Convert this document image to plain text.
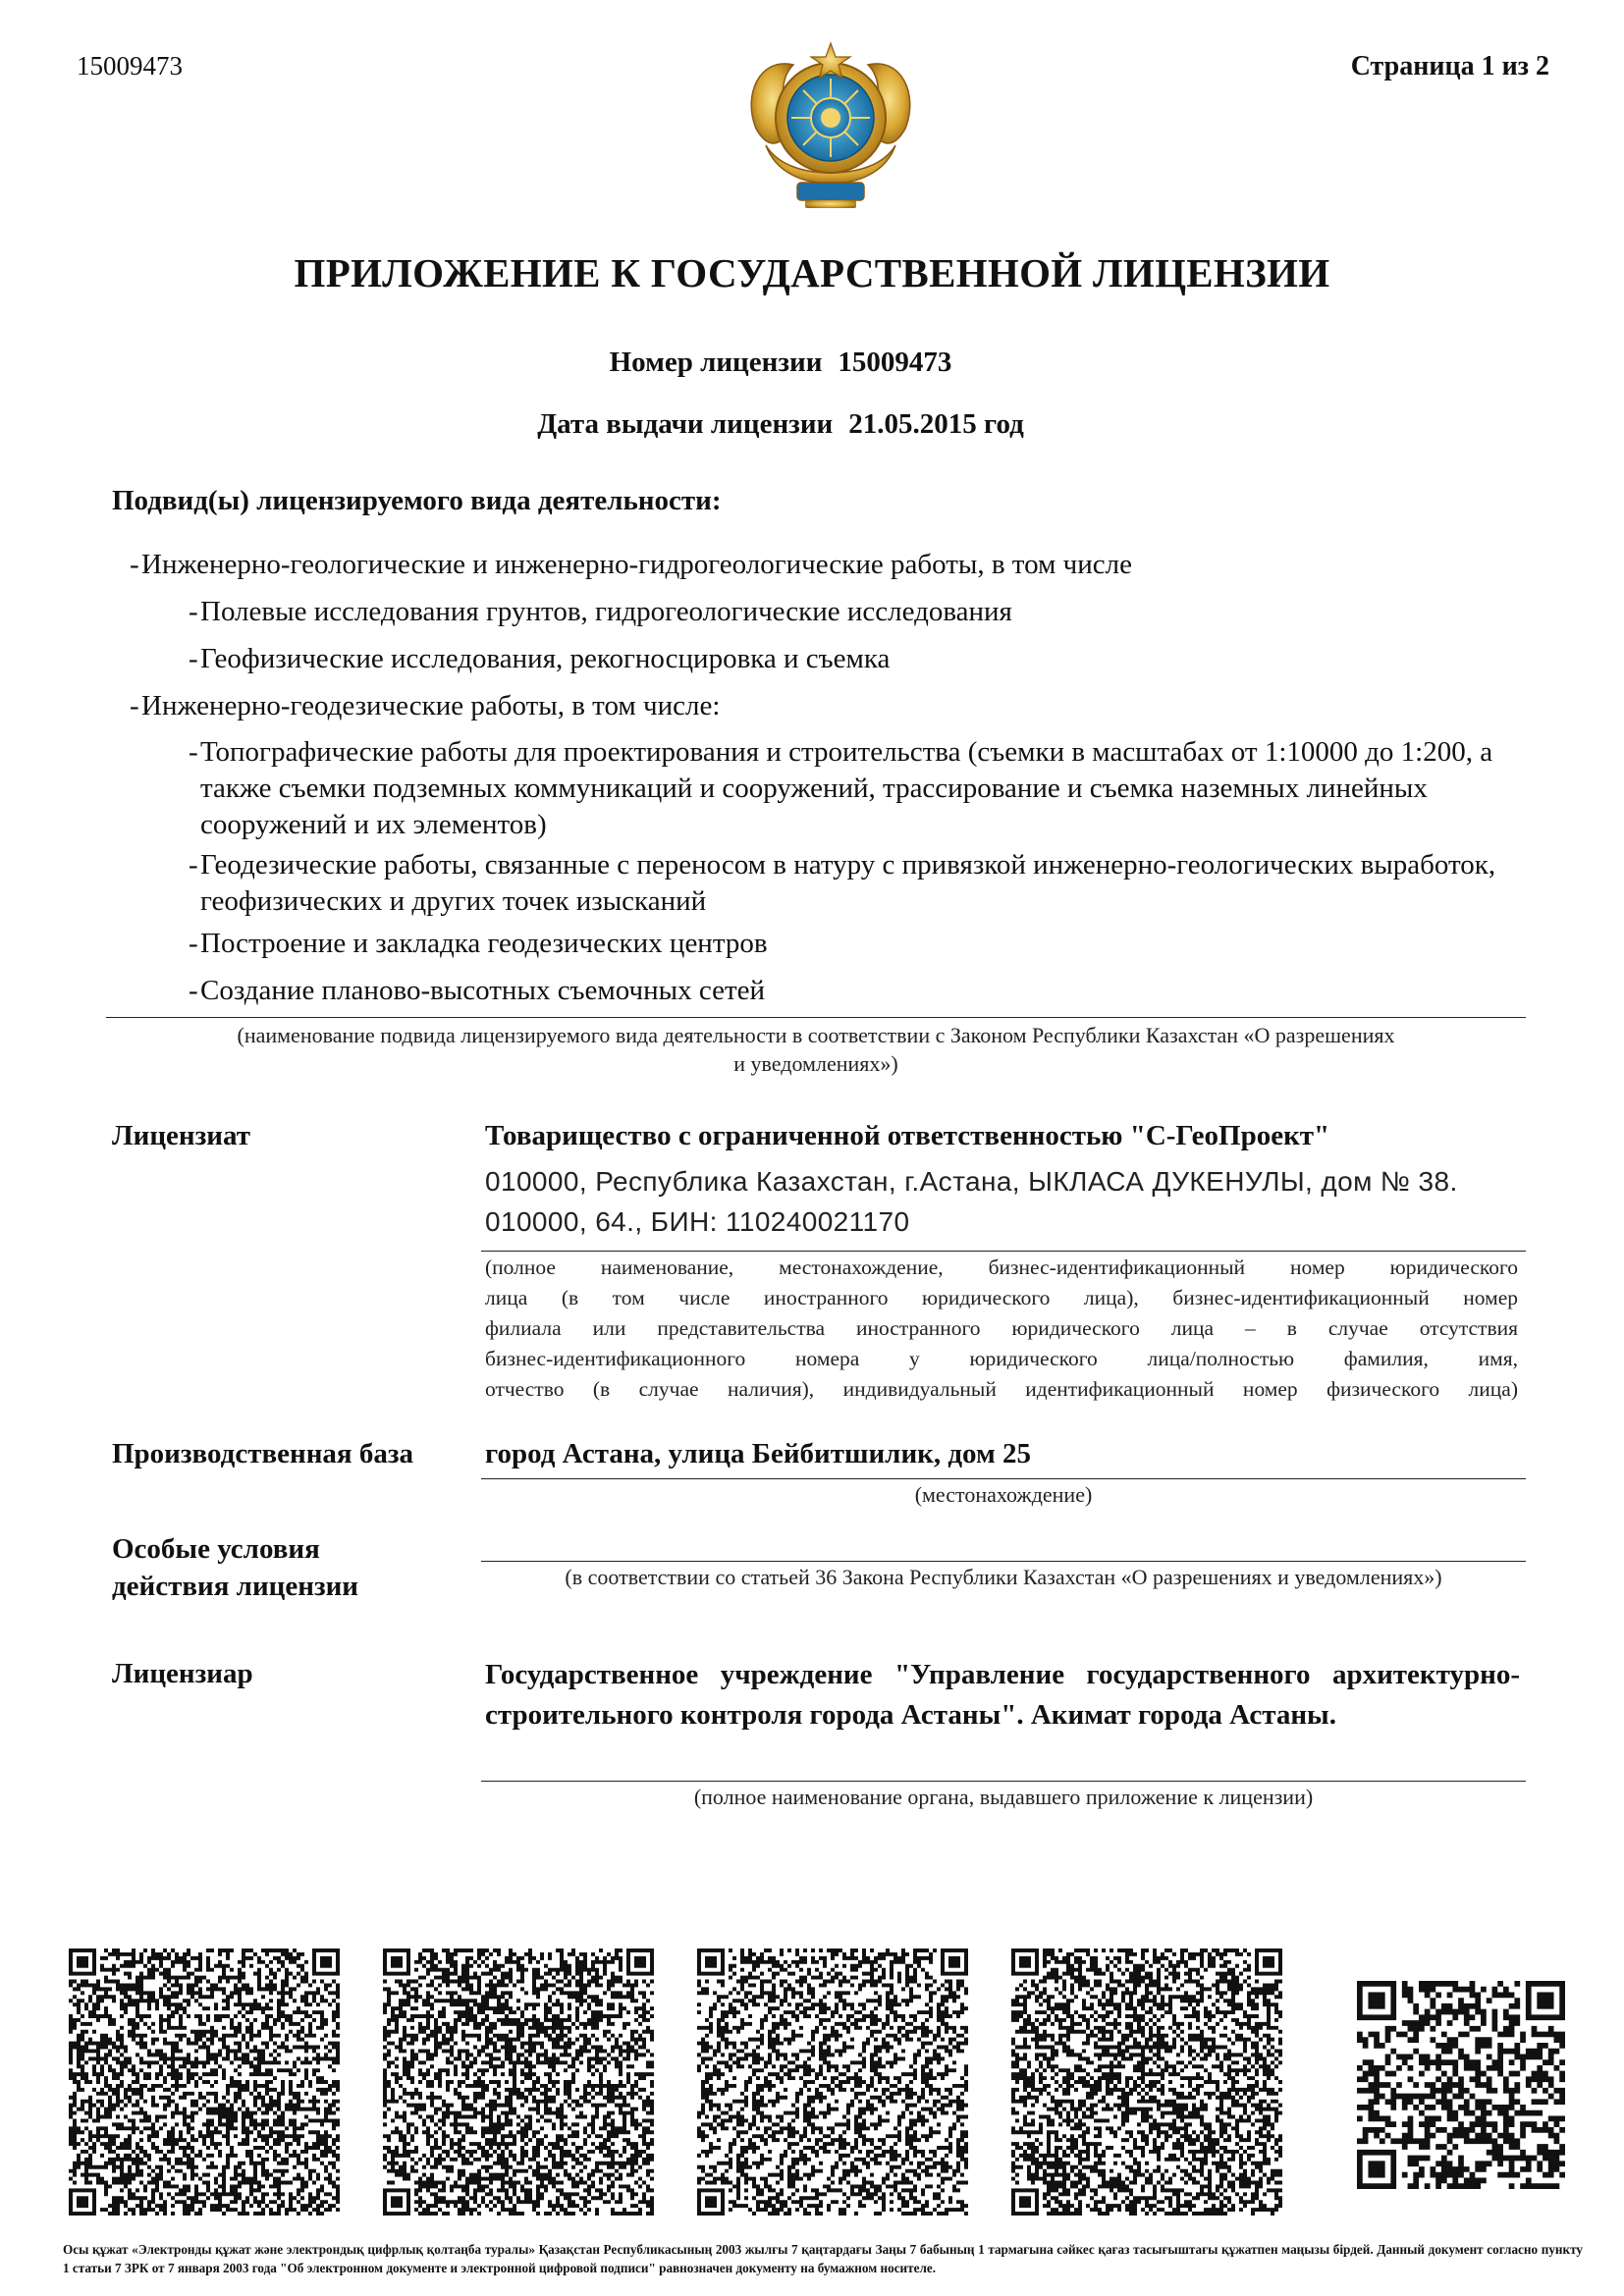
15009473	Страница 1 из 2
ПРИЛОЖЕНИЕ К ГОСУДАРСТВЕННОЙ ЛИЦЕНЗИИ
Номер лицензии 15009473
Дата выдачи лицензии 21.05.2015 год
Подвид(ы) лицензируемого вида деятельности:
- Инженерно-геологические и инженерно-гидрогеологические работы, в том числе
- Полевые исследования грунтов, гидрогеологические исследования
- Геофизические исследования, рекогносцировка и съемка
- Инженерно-геодезические работы, в том числе:
- Топографические работы для проектирования и строительства (съемки в масштабах от 1:10000 до 1:200, а также съемки подземных коммуникаций и сооружений, трассирование и съемка наземных линейных сооружений и их элементов)
- Геодезические работы, связанные с переносом в натуру с привязкой инженерно-геологических выработок, геофизических и других точек изысканий
- Построение и закладка геодезических центров
- Создание планово-высотных съемочных сетей
(наименование подвида лицензируемого вида деятельности в соответствии с Законом Республики Казахстан «О разрешениях
и уведомлениях»)
Лицензиат	Товарищество с ограниченной ответственностью "С-ГеоПроект"
010000, Республика Казахстан, г.Астана, ЫКЛАСА ДУКЕНУЛЫ, дом № 38.
010000, 64., БИН: 110240021170
(полное наименование, местонахождение, бизнес-идентификационный номер юридического
лица (в том числе иностранного юридического лица), бизнес-идентификационный номер
филиала или представительства иностранного юридического лица – в случае отсутствия
бизнес-идентификационного номера у юридического лица/полностью фамилия, имя,
отчество (в случае наличия), индивидуальный идентификационный номер физического лица)
Производственная база	город Астана, улица Бейбитшилик, дом 25
(местонахождение)
Особые условия
действия лицензии	(в соответствии со статьей 36 Закона Республики Казахстан «О разрешениях и уведомлениях»)
Лицензиар	Государственное учреждение "Управление государственного архитектурно-строительного контроля города Астаны". Акимат города Астаны.
(полное наименование органа, выдавшего приложение к лицензии)
Осы құжат «Электронды құжат және электрондық цифрлық қолтаңба туралы» Қазақстан Республикасының 2003 жылғы 7 қаңтардағы Заңы 7 бабының 1 тармағына сәйкес қағаз тасығыштағы құжатпен маңызы бірдей. Данный документ согласно пункту 1 статьи 7 ЗРК от 7 января 2003 года "Об электронном документе и электронной цифровой подписи" равнозначен документу на бумажном носителе.
